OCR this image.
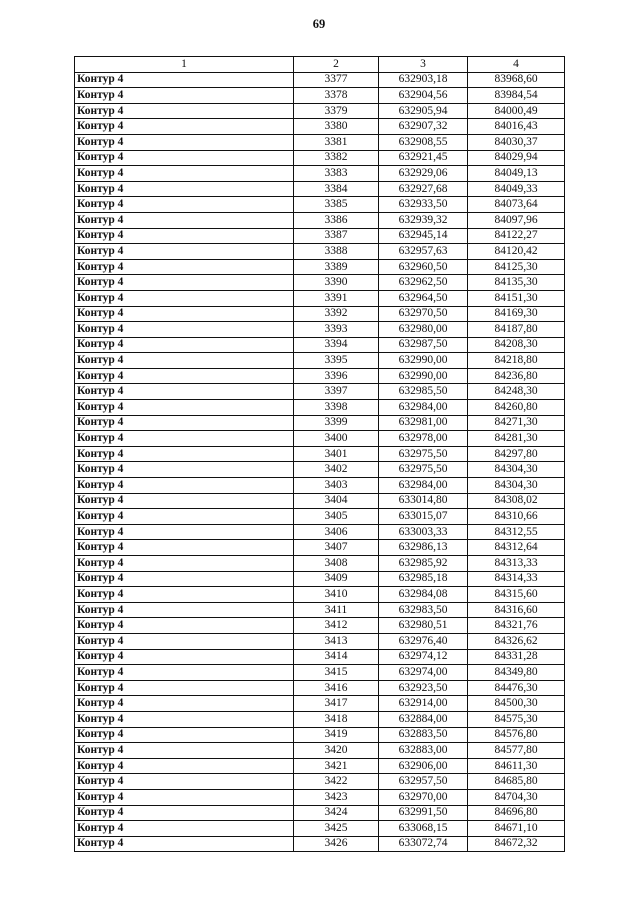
69
1	2	3	4
Контур 4	3377	632903,18	83968,60
Контур 4	3378	632904,56	83984,54
Контур 4	3379	632905,94	84000,49
Контур 4	3380	632907,32	84016,43
Контур 4	3381	632908,55	84030,37
Контур 4	3382	632921,45	84029,94
Контур 4	3383	632929,06	84049,13
Контур 4	3384	632927,68	84049,33
Контур 4	3385	632933,50	84073,64
Контур 4	3386	632939,32	84097,96
Контур 4	3387	632945,14	84122,27
Контур 4	3388	632957,63	84120,42
Контур 4	3389	632960,50	84125,30
Контур 4	3390	632962,50	84135,30
Контур 4	3391	632964,50	84151,30
Контур 4	3392	632970,50	84169,30
Контур 4	3393	632980,00	84187,80
Контур 4	3394	632987,50	84208,30
Контур 4	3395	632990,00	84218,80
Контур 4	3396	632990,00	84236,80
Контур 4	3397	632985,50	84248,30
Контур 4	3398	632984,00	84260,80
Контур 4	3399	632981,00	84271,30
Контур 4	3400	632978,00	84281,30
Контур 4	3401	632975,50	84297,80
Контур 4	3402	632975,50	84304,30
Контур 4	3403	632984,00	84304,30
Контур 4	3404	633014,80	84308,02
Контур 4	3405	633015,07	84310,66
Контур 4	3406	633003,33	84312,55
Контур 4	3407	632986,13	84312,64
Контур 4	3408	632985,92	84313,33
Контур 4	3409	632985,18	84314,33
Контур 4	3410	632984,08	84315,60
Контур 4	3411	632983,50	84316,60
Контур 4	3412	632980,51	84321,76
Контур 4	3413	632976,40	84326,62
Контур 4	3414	632974,12	84331,28
Контур 4	3415	632974,00	84349,80
Контур 4	3416	632923,50	84476,30
Контур 4	3417	632914,00	84500,30
Контур 4	3418	632884,00	84575,30
Контур 4	3419	632883,50	84576,80
Контур 4	3420	632883,00	84577,80
Контур 4	3421	632906,00	84611,30
Контур 4	3422	632957,50	84685,80
Контур 4	3423	632970,00	84704,30
Контур 4	3424	632991,50	84696,80
Контур 4	3425	633068,15	84671,10
Контур 4	3426	633072,74	84672,32
